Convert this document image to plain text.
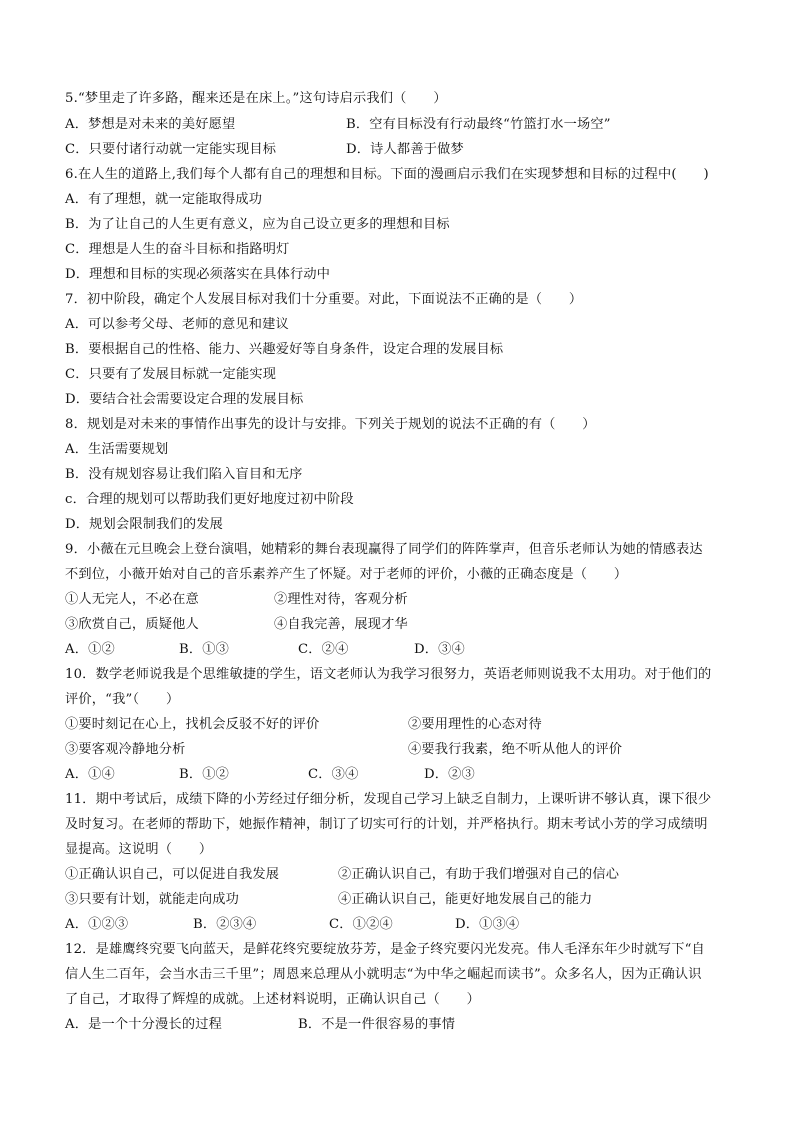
5.“梦里走了许多路，醒来还是在床上。”这句诗启示我们（　　）
A．梦想是对未来的美好愿望	B．空有目标没有行动最终“竹篮打水一场空”
C．只要付诸行动就一定能实现目标	D．诗人都善于做梦
6.在人生的道路上,我们每个人都有自己的理想和目标。下面的漫画启示我们在实现梦想和目标的过程中(　　)
A．有了理想，就一定能取得成功
B．为了让自己的人生更有意义，应为自己设立更多的理想和目标
C．理想是人生的奋斗目标和指路明灯
D．理想和目标的实现必须落实在具体行动中
7．初中阶段，确定个人发展目标对我们十分重要。对此，下面说法不正确的是（　　）
A．可以参考父母、老师的意见和建议
B．要根据自己的性格、能力、兴趣爱好等自身条件，设定合理的发展目标
C．只要有了发展目标就一定能实现
D．要结合社会需要设定合理的发展目标
8．规划是对未来的事情作出事先的设计与安排。下列关于规划的说法不正确的有（　　）
A．生活需要规划
B．没有规划容易让我们陷入盲目和无序
c．合理的规划可以帮助我们更好地度过初中阶段
D．规划会限制我们的发展
9．小薇在元旦晚会上登台演唱，她精彩的舞台表现赢得了同学们的阵阵掌声，但音乐老师认为她的情感表达
不到位，小薇开始对自己的音乐素养产生了怀疑。对于老师的评价，小薇的正确态度是（　　）
①人无完人，不必在意	②理性对待，客观分析
③欣赏自己，质疑他人	④自我完善，展现才华
A．①②	B．①③	C．②④	D．③④
10．数学老师说我是个思维敏捷的学生，语文老师认为我学习很努力，英语老师则说我不太用功。对于他们的
评价，“我”（　　）
①要时刻记在心上，找机会反驳不好的评价	②要用理性的心态对待
③要客观冷静地分析	④要我行我素，绝不听从他人的评价
A．①④	B．①②	C．③④	D．②③
11．期中考试后，成绩下降的小芳经过仔细分析，发现自己学习上缺乏自制力，上课听讲不够认真，课下很少
及时复习。在老师的帮助下，她振作精神，制订了切实可行的计划，并严格执行。期末考试小芳的学习成绩明
显提高。这说明（　　）
①正确认识自己，可以促进自我发展	②正确认识自己，有助于我们增强对自己的信心
③只要有计划，就能走向成功	④正确认识自己，能更好地发展自己的能力
A．①②③	B．②③④	C．①②④	D．①③④
12．是雄鹰终究要飞向蓝天，是鲜花终究要绽放芬芳，是金子终究要闪光发亮。伟人毛泽东年少时就写下“自
信人生二百年，会当水击三千里”；周恩来总理从小就明志“为中华之崛起而读书”。众多名人，因为正确认识
了自己，才取得了辉煌的成就。上述材料说明，正确认识自己（　　）
A．是一个十分漫长的过程	B．不是一件很容易的事情
